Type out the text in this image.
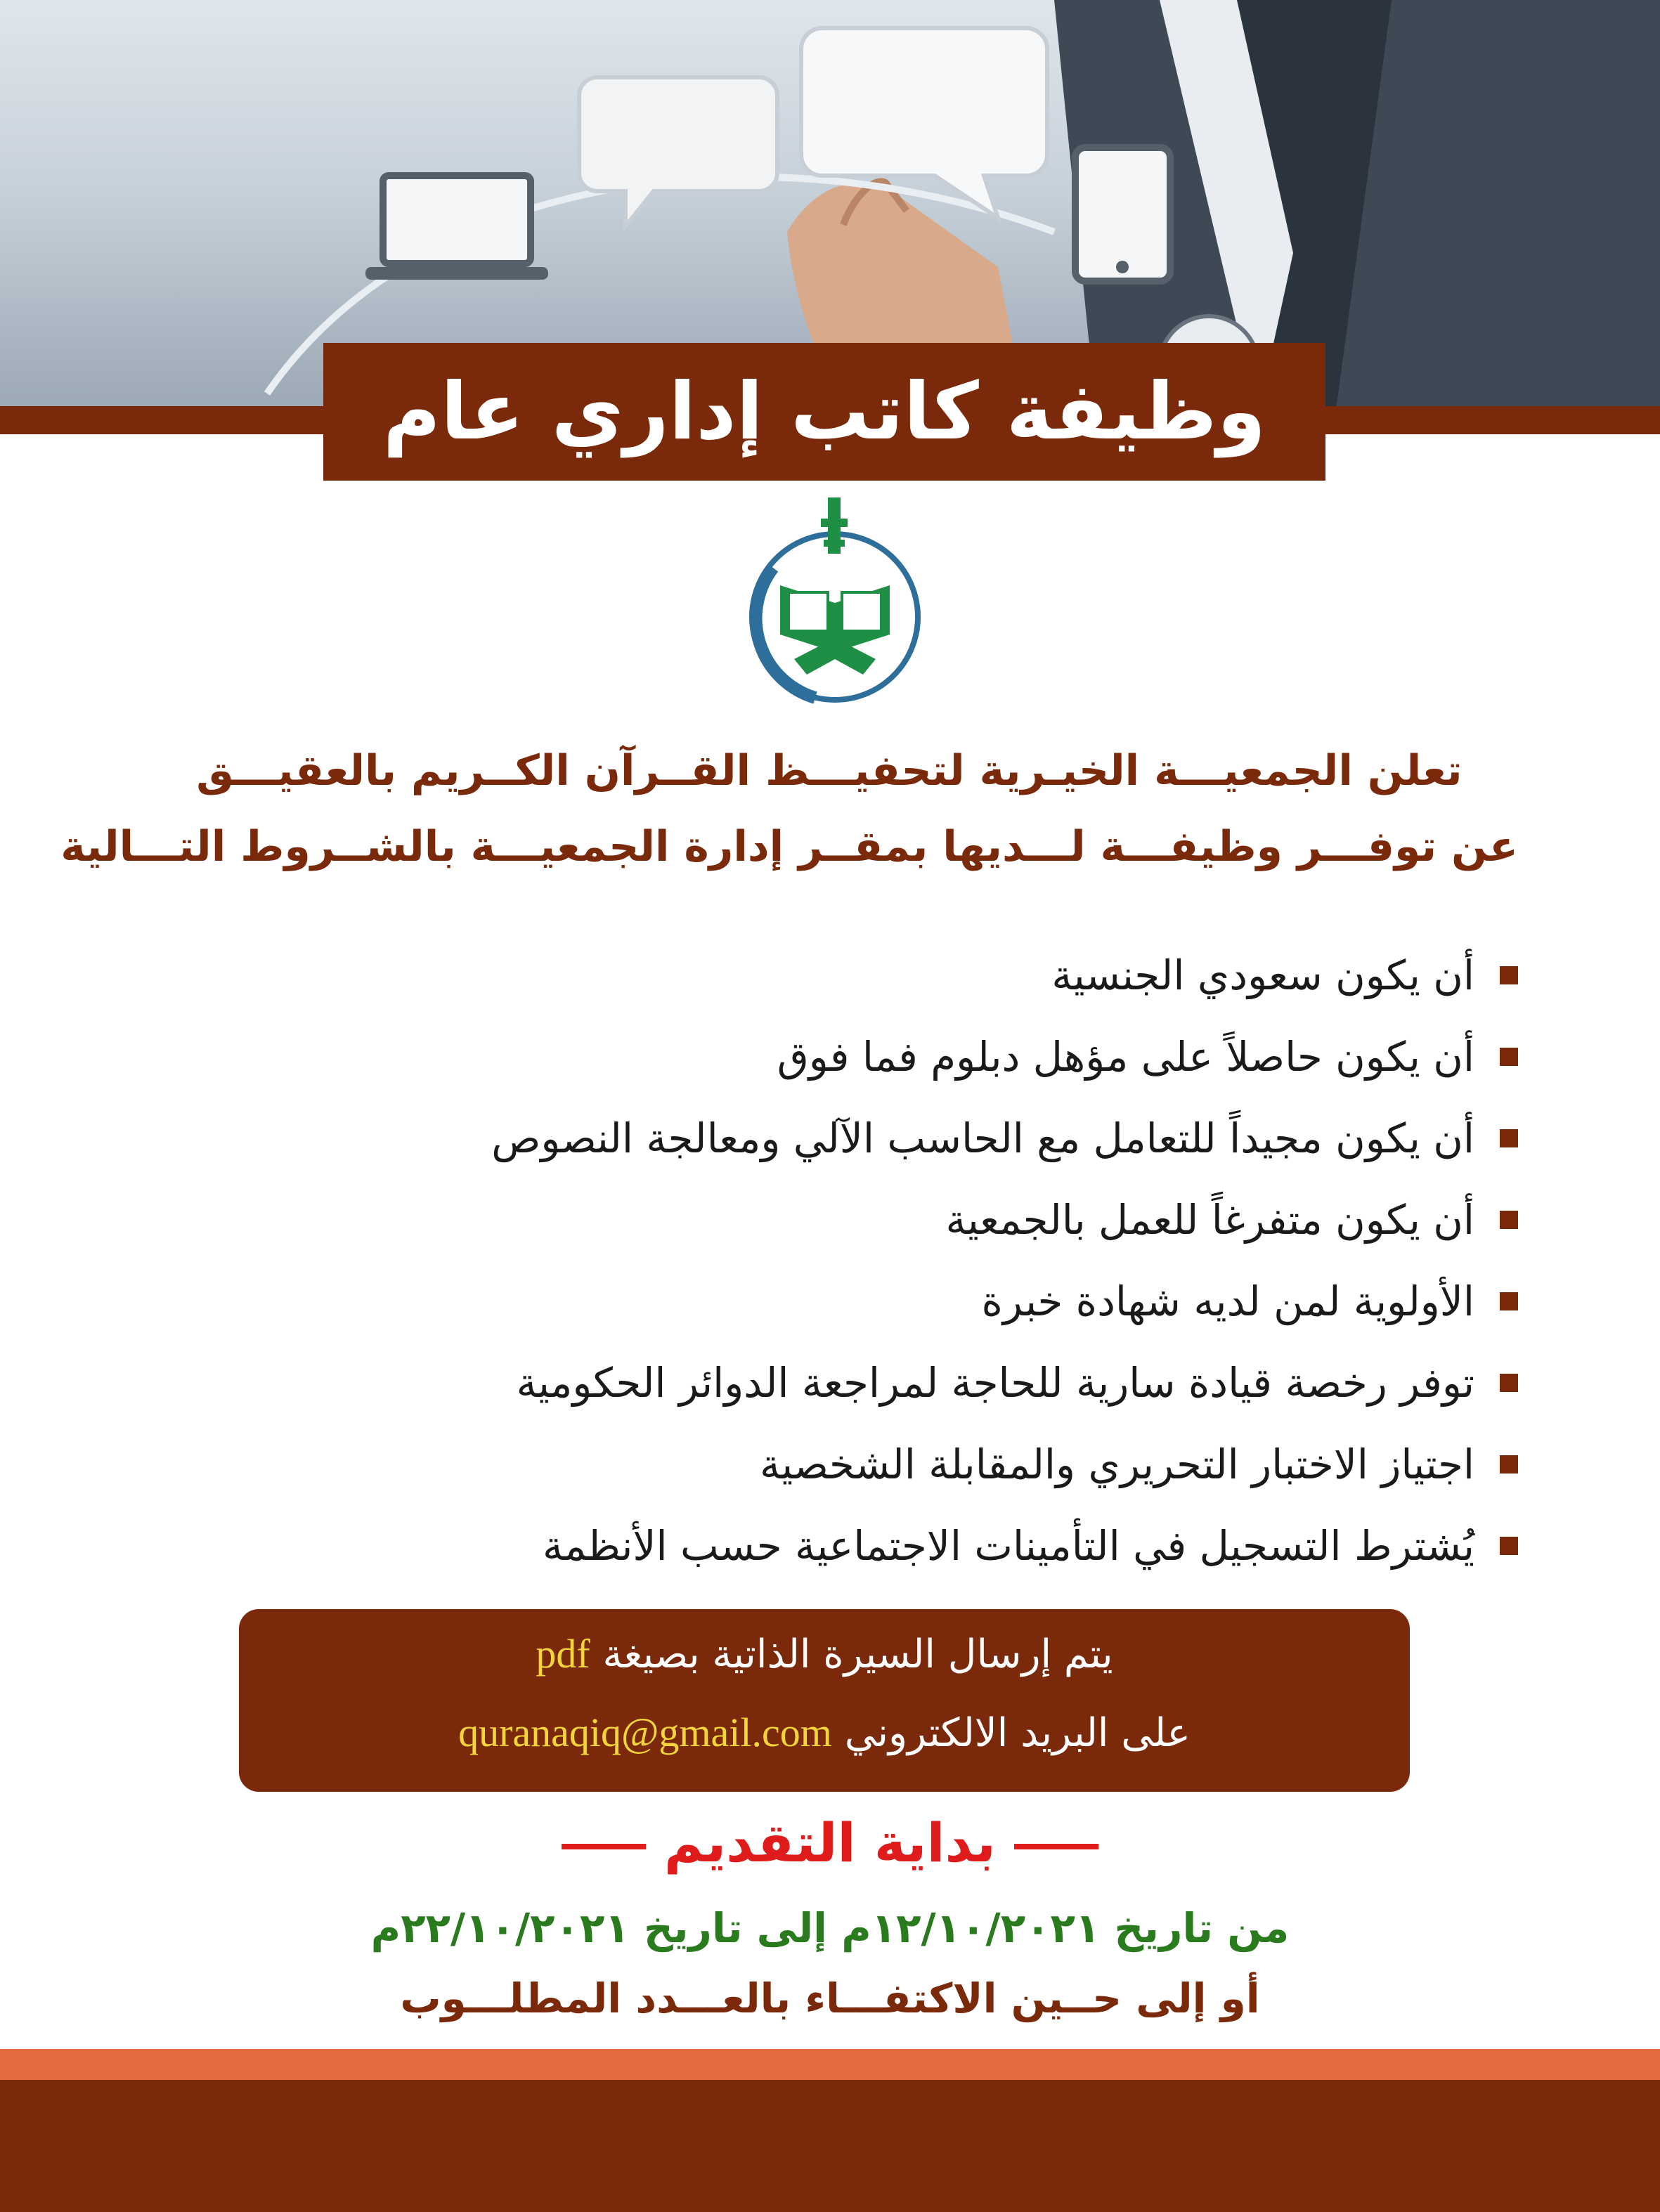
وظيفة كاتب إداري عام
تعلن الجمعيـــة الخيـرية لتحفيـــظ القــرآن الكــريم بالعقيـــق
عن توفـــر وظيفـــة لـــديها بمقــر إدارة الجمعيـــة بالشــروط التـــالية
أن يكون سعودي الجنسية
أن يكون حاصلاً على مؤهل دبلوم فما فوق
أن يكون مجيداً للتعامل مع الحاسب الآلي ومعالجة النصوص
أن يكون متفرغاً للعمل بالجمعية
الأولوية لمن لديه شهادة خبرة
توفر رخصة قيادة سارية للحاجة لمراجعة الدوائر الحكومية
اجتياز الاختبار التحريري والمقابلة الشخصية
يُشترط التسجيل في التأمينات الاجتماعية حسب الأنظمة
يتم إرسال السيرة الذاتية بصيغة pdf
على البريد الالكتروني quranaqiq@gmail.com
بداية التقديم
من تاريخ ١٢/١٠/٢٠٢١م إلى تاريخ ٢٢/١٠/٢٠٢١م
أو إلى حــين الاكتفـــاء بالعـــدد المطلـــوب
